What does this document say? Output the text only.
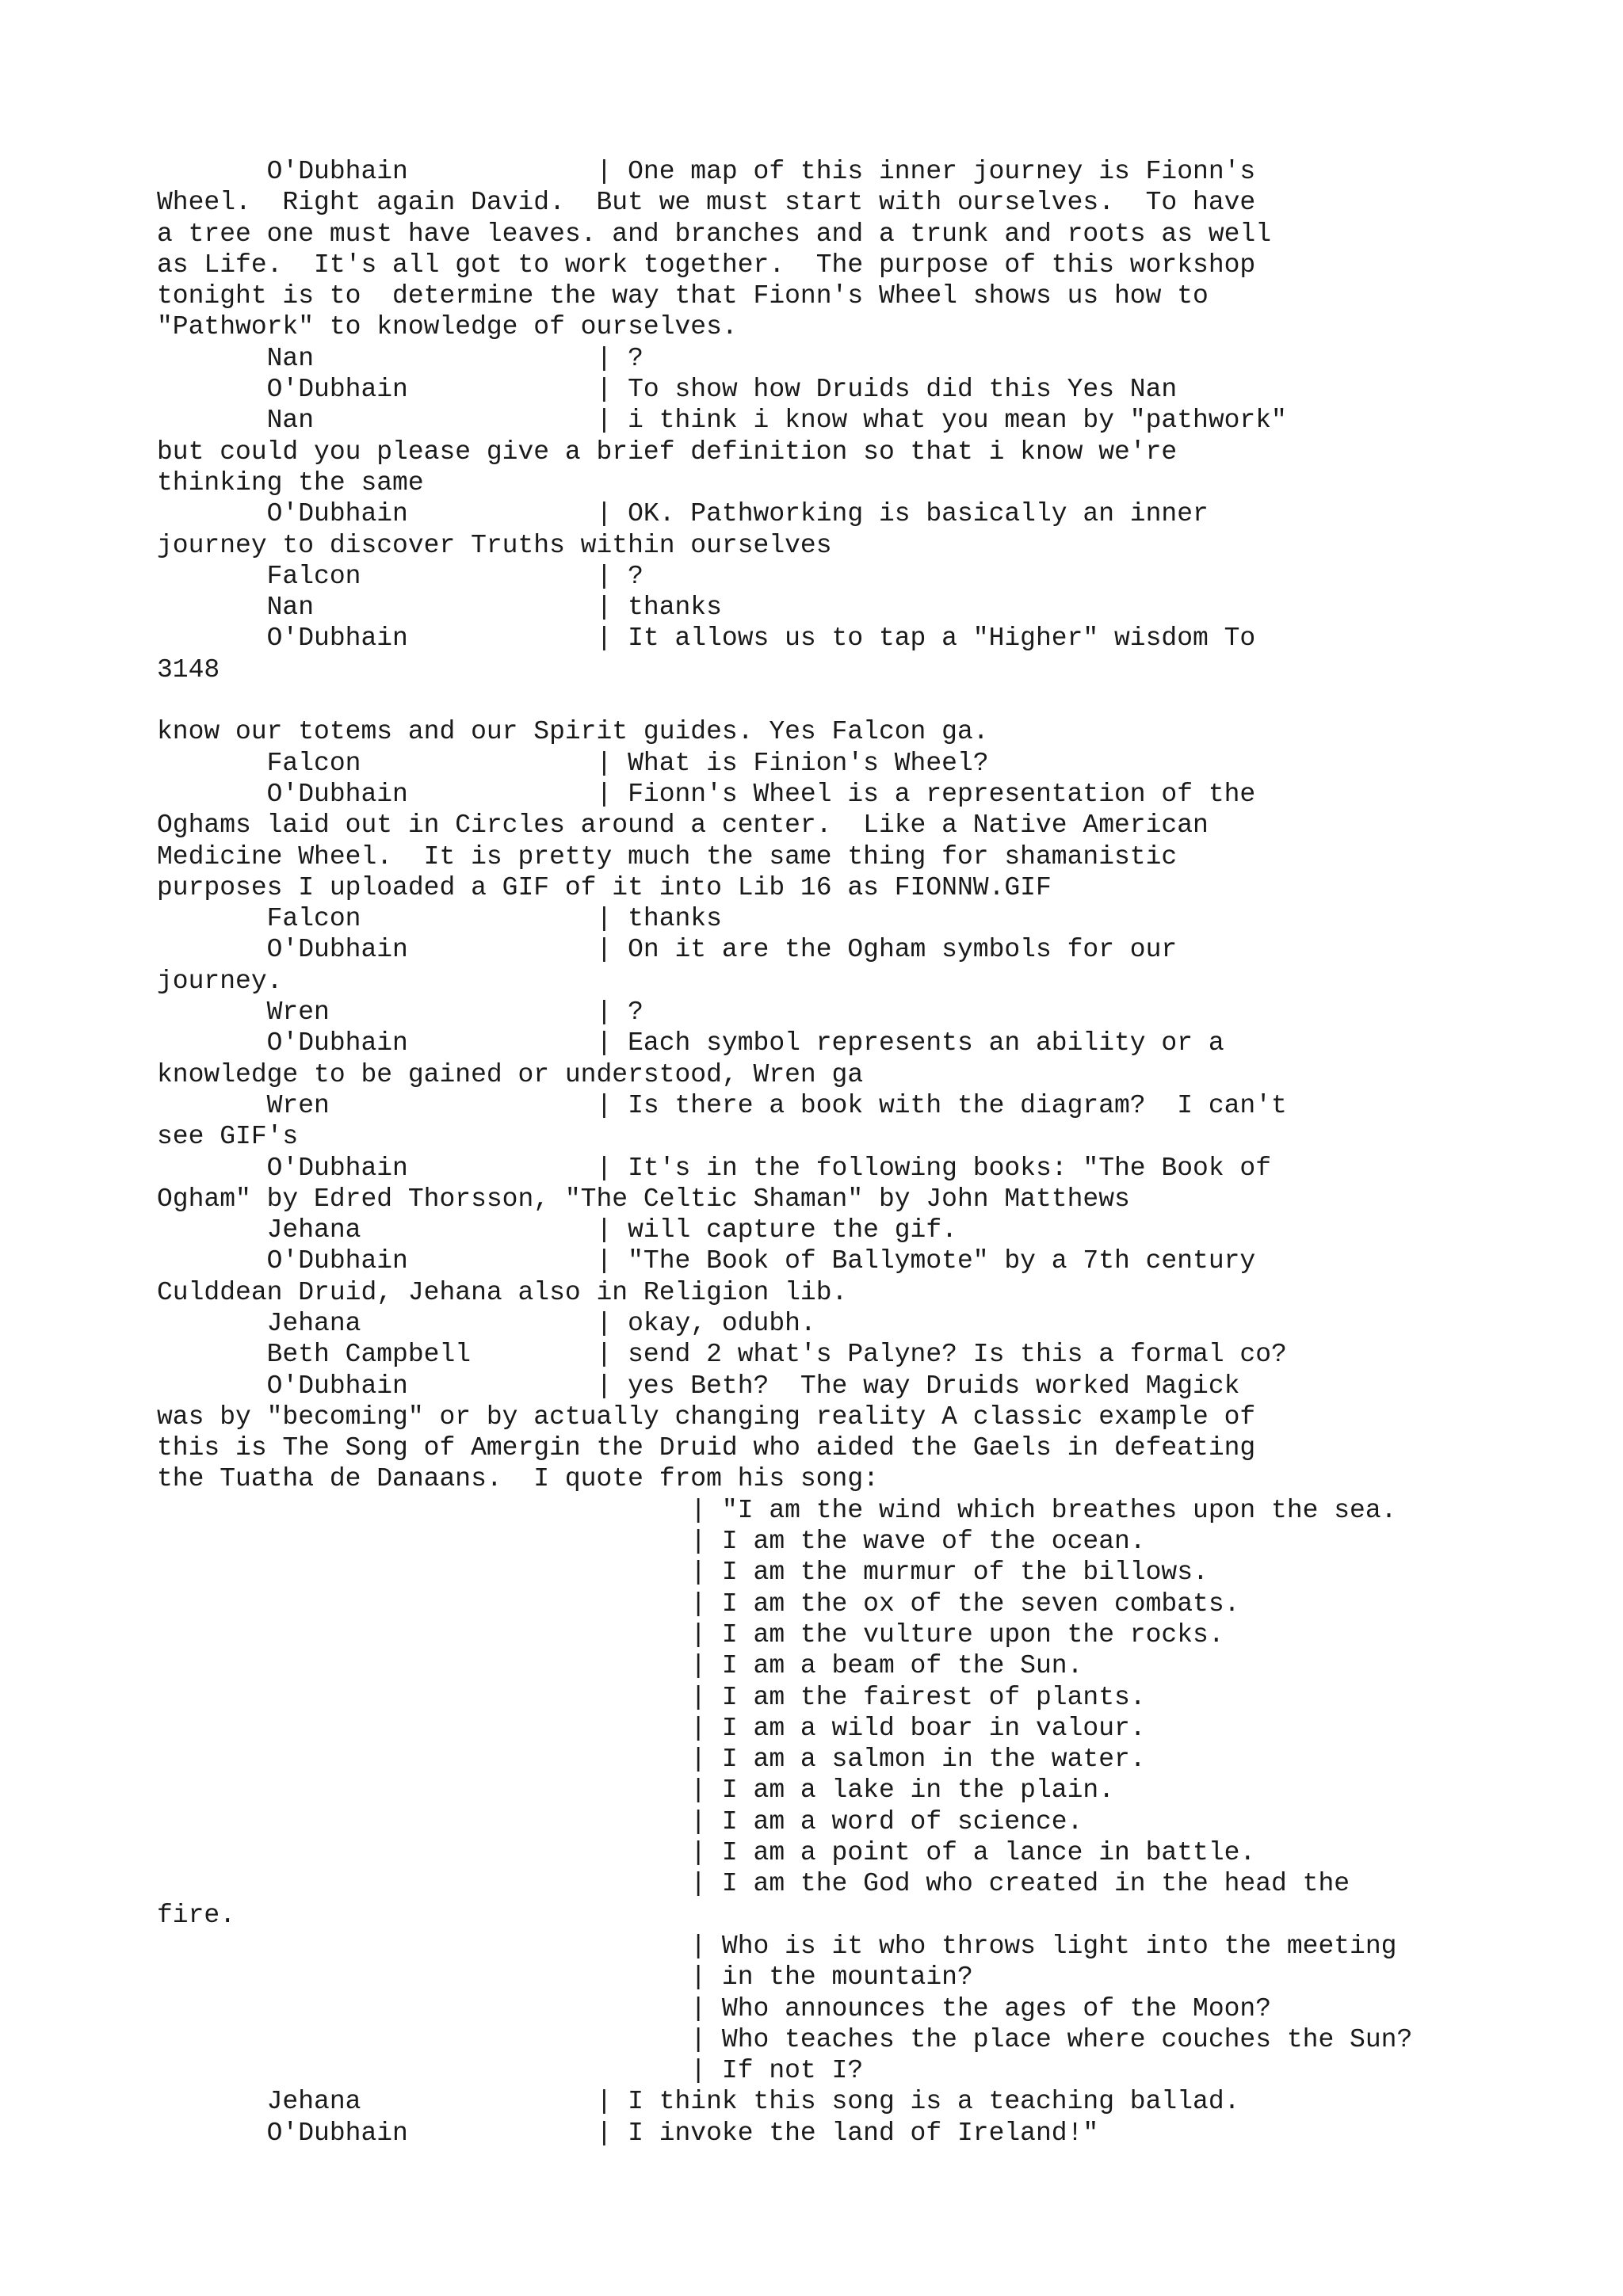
O'Dubhain            | One map of this inner journey is Fionn's
Wheel.  Right again David.  But we must start with ourselves.  To have
a tree one must have leaves. and branches and a trunk and roots as well
as Life.  It's all got to work together.  The purpose of this workshop
tonight is to  determine the way that Fionn's Wheel shows us how to
"Pathwork" to knowledge of ourselves.
Nan                  | ?
O'Dubhain            | To show how Druids did this Yes Nan
Nan                  | i think i know what you mean by "pathwork"
but could you please give a brief definition so that i know we're
thinking the same
O'Dubhain            | OK. Pathworking is basically an inner
journey to discover Truths within ourselves
Falcon               | ?
Nan                  | thanks
O'Dubhain            | It allows us to tap a "Higher" wisdom To
3148
know our totems and our Spirit guides. Yes Falcon ga.
Falcon               | What is Finion's Wheel?
O'Dubhain            | Fionn's Wheel is a representation of the
Oghams laid out in Circles around a center.  Like a Native American
Medicine Wheel.  It is pretty much the same thing for shamanistic
purposes I uploaded a GIF of it into Lib 16 as FIONNW.GIF
Falcon               | thanks
O'Dubhain            | On it are the Ogham symbols for our
journey.
Wren                 | ?
O'Dubhain            | Each symbol represents an ability or a
knowledge to be gained or understood, Wren ga
Wren                 | Is there a book with the diagram?  I can't
see GIF's
O'Dubhain            | It's in the following books: "The Book of
Ogham" by Edred Thorsson, "The Celtic Shaman" by John Matthews
Jehana               | will capture the gif.
O'Dubhain            | "The Book of Ballymote" by a 7th century
Culddean Druid, Jehana also in Religion lib.
Jehana               | okay, odubh.
Beth Campbell        | send 2 what's Palyne? Is this a formal co?
O'Dubhain            | yes Beth?  The way Druids worked Magick
was by "becoming" or by actually changing reality A classic example of
this is The Song of Amergin the Druid who aided the Gaels in defeating
the Tuatha de Danaans.  I quote from his song:
| "I am the wind which breathes upon the sea.
| I am the wave of the ocean.
| I am the murmur of the billows.
| I am the ox of the seven combats.
| I am the vulture upon the rocks.
| I am a beam of the Sun.
| I am the fairest of plants.
| I am a wild boar in valour.
| I am a salmon in the water.
| I am a lake in the plain.
| I am a word of science.
| I am a point of a lance in battle.
| I am the God who created in the head the
fire.
| Who is it who throws light into the meeting
| in the mountain?
| Who announces the ages of the Moon?
| Who teaches the place where couches the Sun?
| If not I?
Jehana               | I think this song is a teaching ballad.
O'Dubhain            | I invoke the land of Ireland!"
